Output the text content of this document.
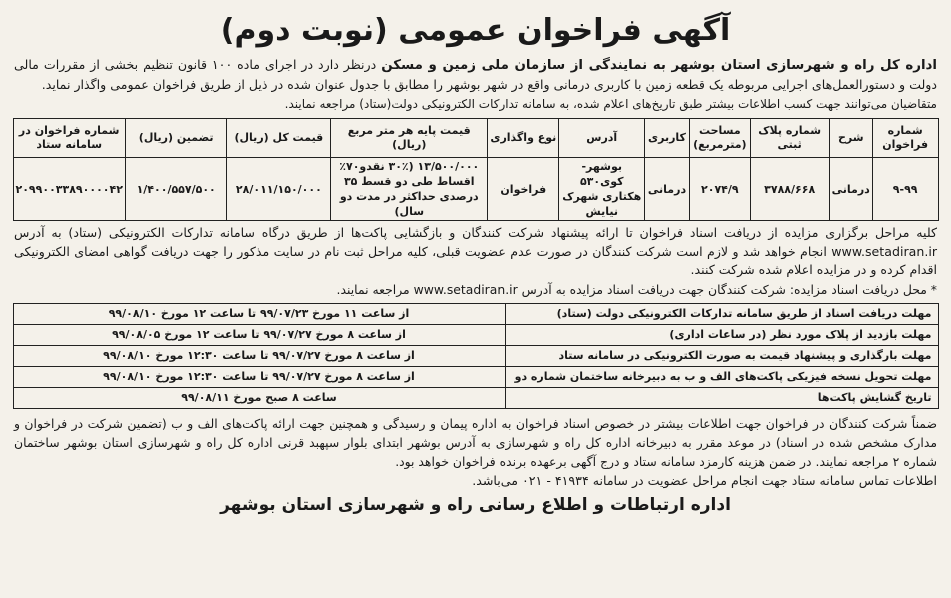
آگهی فراخوان عمومی (نوبت دوم)

اداره کل راه و شهرسازی استان بوشهر به نمایندگی از سازمان ملی زمین و مسکن درنظر دارد در اجرای ماده ۱۰۰ قانون تنظیم بخشی از مقررات مالی دولت و دستورالعمل‌های اجرایی مربوطه یک قطعه زمین با کاربری درمانی واقع در شهر بوشهر را مطابق با جدول عنوان شده در ذیل از طریق فراخوان عمومی واگذار نماید.

متقاضیان می‌توانند جهت کسب اطلاعات بیشتر طبق تاریخ‌های اعلام شده، به سامانه تدارکات الکترونیکی دولت(ستاد) مراجعه نمایند.

شماره فراخوان	شرح	شماره پلاک ثبتی	مساحت (مترمربع)	کاربری	آدرس	نوع واگذاری	قیمت پایه هر متر مربع (ریال)	قیمت کل (ریال)	تضمین (ریال)	شماره فراخوان در سامانه ستاد
۹-۹۹	درمانی	۳۷۸۸/۶۶۸	۲۰۷۴/۹	درمانی	بوشهر-کوی۵۳۰ هکتاری شهرک نیایش	فراخوان	۱۳/۵۰۰/۰۰۰ (۳۰٪ نقدو۷۰٪ اقساط طی دو قسط ۳۵ درصدی حداکثر در مدت دو سال)	۲۸/۰۱۱/۱۵۰/۰۰۰	۱/۴۰۰/۵۵۷/۵۰۰	۲۰۹۹۰۰۳۳۸۹۰۰۰۰۴۲

کلیه مراحل برگزاری مزایده از دریافت اسناد فراخوان تا ارائه پیشنهاد شرکت کنندگان و بازگشایی پاکت‌ها از طریق درگاه سامانه تدارکات الکترونیکی (ستاد) به آدرس www.setadiran.ir انجام خواهد شد و لازم است شرکت کنندگان در صورت عدم عضویت قبلی، کلیه مراحل ثبت نام در سایت مذکور را جهت دریافت گواهی امضای الکترونیکی اقدام کرده و در مزایده اعلام شده شرکت کنند.

* محل دریافت اسناد مزایده: شرکت کنندگان جهت دریافت اسناد مزایده به آدرس www.setadiran.ir مراجعه نمایند.
مهلت دریافت اسناد از طریق سامانه تدارکات الکترونیکی دولت (ستاد)	از ساعت ۱۱ مورخ ۹۹/۰۷/۲۳ تا ساعت ۱۲ مورخ ۹۹/۰۸/۱۰
مهلت بازدید از پلاک مورد نظر (در ساعات اداری)	از ساعت ۸ مورخ ۹۹/۰۷/۲۷ تا ساعت ۱۲ مورخ ۹۹/۰۸/۰۵
مهلت بارگذاری و پیشنهاد قیمت به صورت الکترونیکی در سامانه ستاد	از ساعت ۸ مورخ ۹۹/۰۷/۲۷ تا ساعت ۱۲:۳۰ مورخ ۹۹/۰۸/۱۰
مهلت تحویل نسخه فیزیکی پاکت‌های الف و ب به دبیرخانه ساختمان شماره دو	از ساعت ۸ مورخ ۹۹/۰۷/۲۷ تا ساعت ۱۲:۳۰ مورخ ۹۹/۰۸/۱۰
تاریخ گشایش پاکت‌ها	ساعت ۸ صبح مورخ ۹۹/۰۸/۱۱

ضمناً شرکت کنندگان در فراخوان جهت اطلاعات بیشتر در خصوص اسناد فراخوان به اداره پیمان و رسیدگی و همچنین جهت ارائه پاکت‌های الف و ب (تضمین شرکت در فراخوان و مدارک مشخص شده در اسناد) در موعد مقرر به دبیرخانه اداره کل راه و شهرسازی به آدرس بوشهر ابتدای بلوار سپهبد قرنی اداره کل راه و شهرسازی استان بوشهر ساختمان شماره ۲ مراجعه نمایند. در ضمن هزینه کارمزد سامانه ستاد و درج آگهی برعهده برنده فراخوان خواهد بود.

اطلاعات تماس سامانه ستاد جهت انجام مراحل عضویت در سامانه ۴۱۹۳۴ - ۰۲۱ می‌باشد.

اداره ارتباطات و اطلاع رسانی راه و شهرسازی استان بوشهر
